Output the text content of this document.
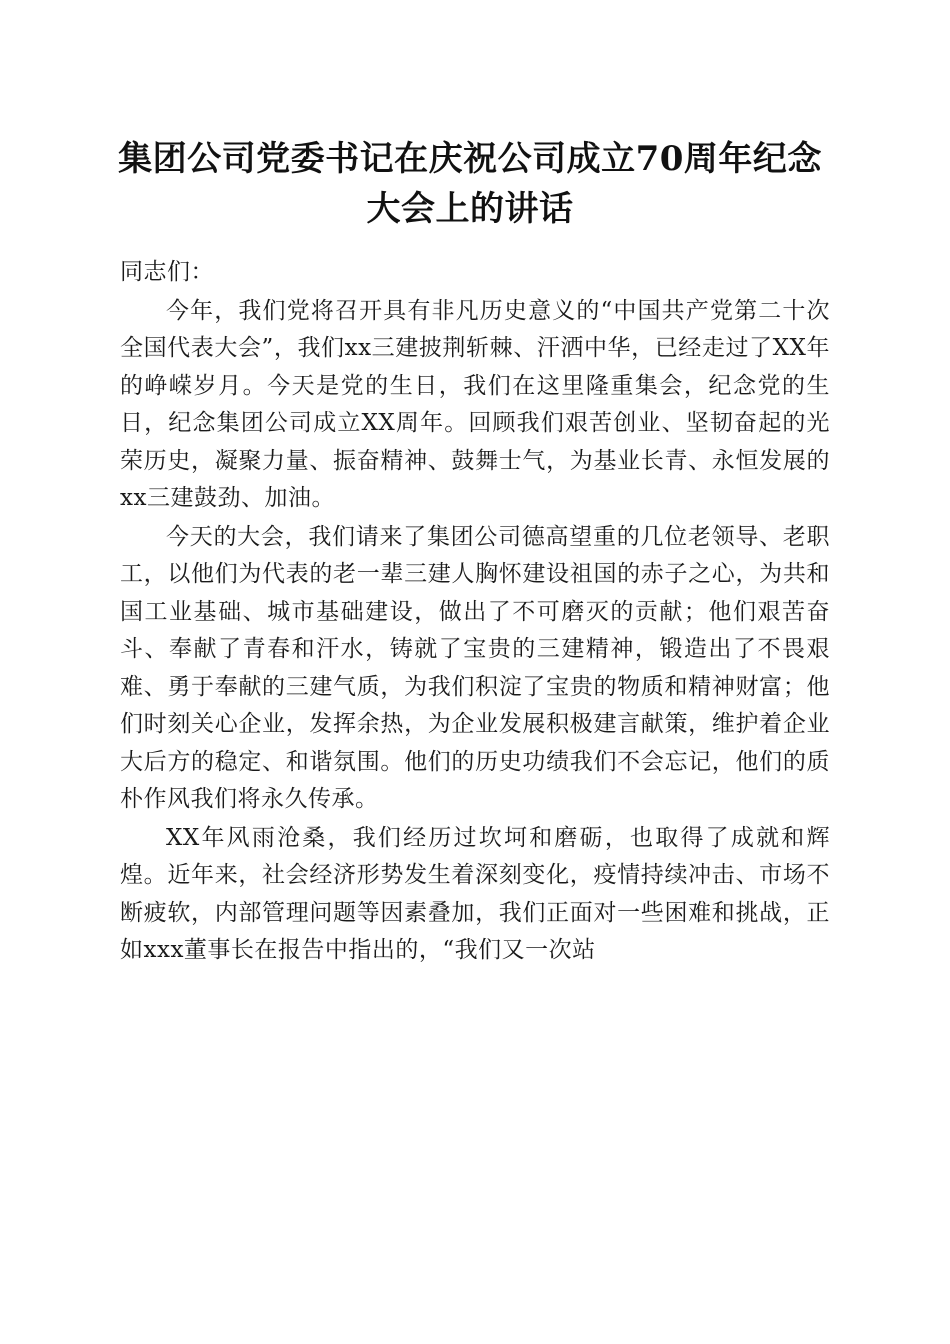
集团公司党委书记在庆祝公司成立70周年纪念大会上的讲话

同志们：

今年，我们党将召开具有非凡历史意义的“中国共产党第二十次全国代表大会”，我们xx三建披荆斩棘、汗洒中华，已经走过了XX年的峥嵘岁月。今天是党的生日，我们在这里隆重集会，纪念党的生日，纪念集团公司成立XX周年。回顾我们艰苦创业、坚韧奋起的光荣历史，凝聚力量、振奋精神、鼓舞士气，为基业长青、永恒发展的xx三建鼓劲、加油。

今天的大会，我们请来了集团公司德高望重的几位老领导、老职工，以他们为代表的老一辈三建人胸怀建设祖国的赤子之心，为共和国工业基础、城市基础建设，做出了不可磨灭的贡献；他们艰苦奋斗、奉献了青春和汗水，铸就了宝贵的三建精神，锻造出了不畏艰难、勇于奉献的三建气质，为我们积淀了宝贵的物质和精神财富；他们时刻关心企业，发挥余热，为企业发展积极建言献策，维护着企业大后方的稳定、和谐氛围。他们的历史功绩我们不会忘记，他们的质朴作风我们将永久传承。

XX年风雨沧桑，我们经历过坎坷和磨砺，也取得了成就和辉煌。近年来，社会经济形势发生着深刻变化，疫情持续冲击、市场不断疲软，内部管理问题等因素叠加，我们正面对一些困难和挑战，正如xxx董事长在报告中指出的，“我们又一次站
